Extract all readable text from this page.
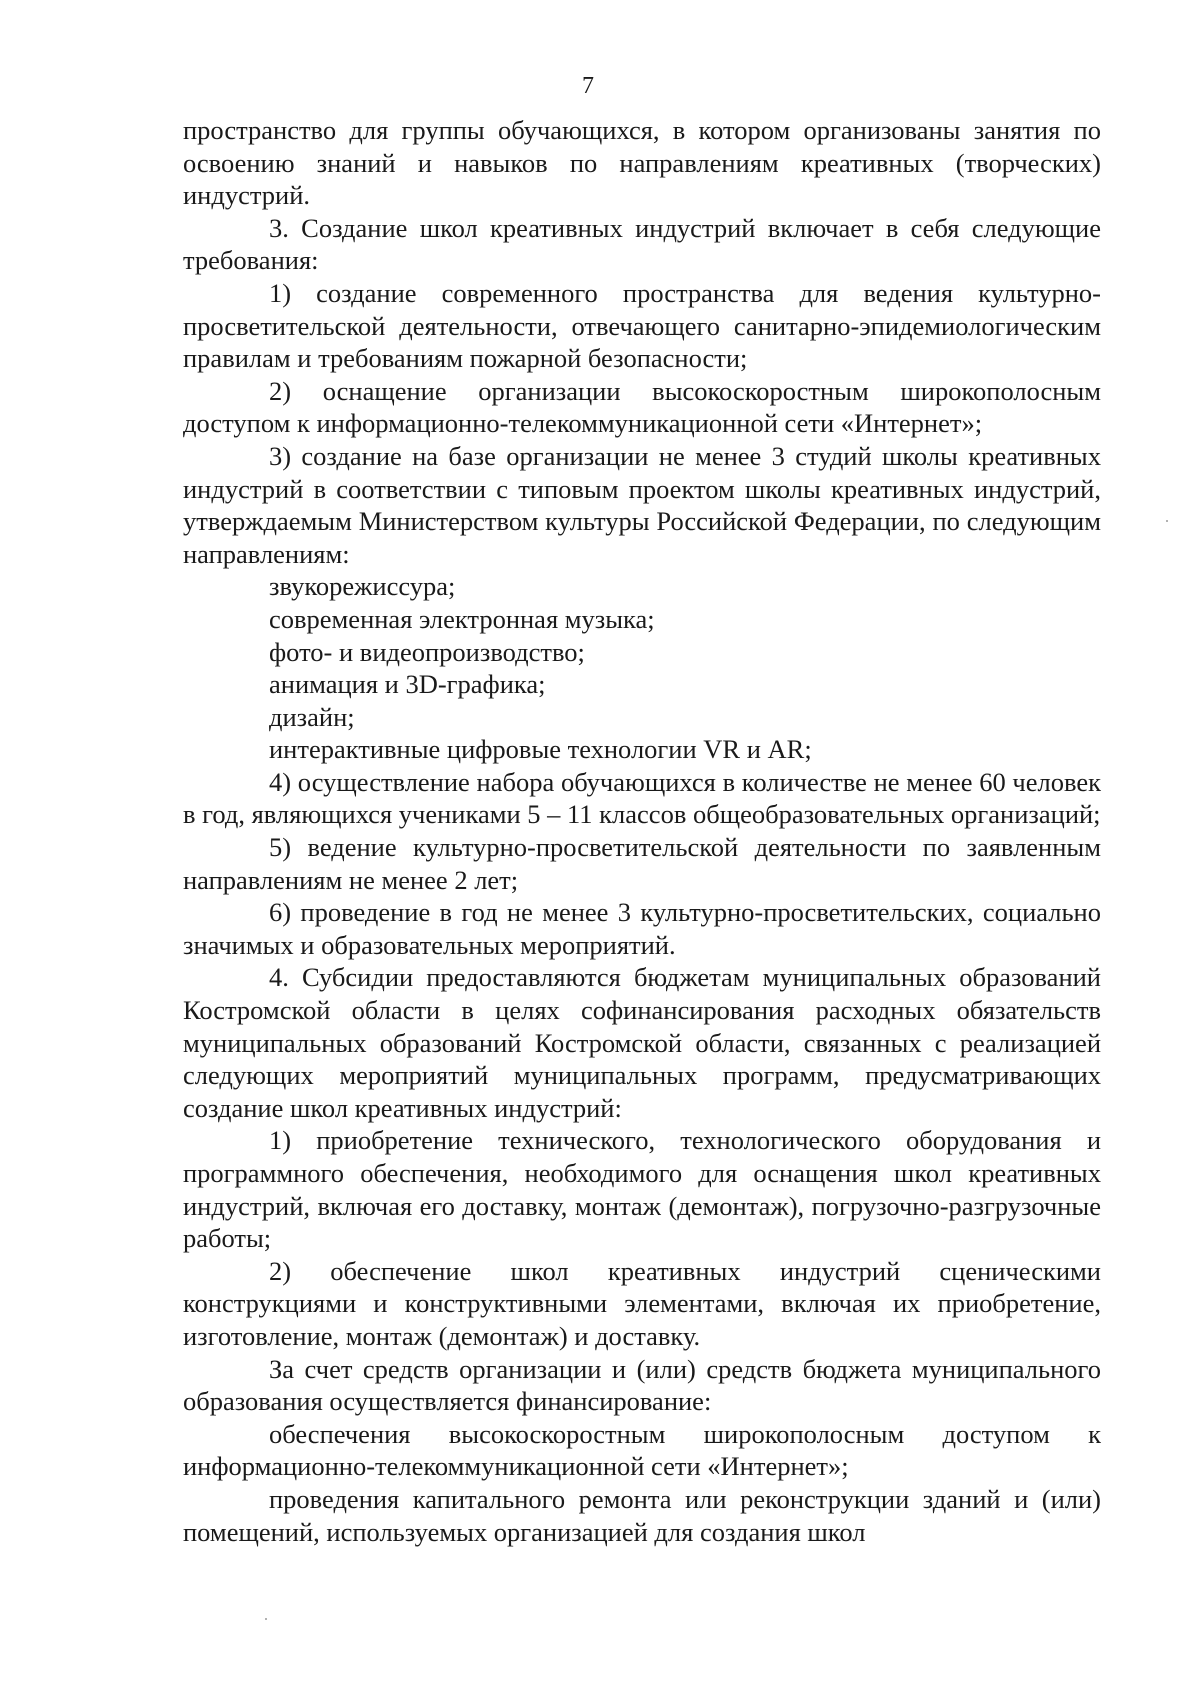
7

пространство для группы обучающихся, в котором организованы занятия по освоению знаний и навыков по направлениям креативных (творческих) индустрий.

3. Создание школ креативных индустрий включает в себя следующие требования:

1) создание современного пространства для ведения культурно-просветительской деятельности, отвечающего санитарно-эпидемиологическим правилам и требованиям пожарной безопасности;

2) оснащение организации высокоскоростным широкополосным доступом к информационно-телекоммуникационной сети «Интернет»;

3) создание на базе организации не менее 3 студий школы креативных индустрий в соответствии с типовым проектом школы креативных индустрий, утверждаемым Министерством культуры Российской Федерации, по следующим направлениям:

звукорежиссура;

современная электронная музыка;

фото- и видеопроизводство;

анимация и 3D-графика;

дизайн;

интерактивные цифровые технологии VR и AR;

4) осуществление набора обучающихся в количестве не менее 60 человек в год, являющихся учениками 5 – 11 классов общеобразовательных организаций;

5) ведение культурно-просветительской деятельности по заявленным направлениям не менее 2 лет;

6) проведение в год не менее 3 культурно-просветительских, социально значимых и образовательных мероприятий.

4. Субсидии предоставляются бюджетам муниципальных образований Костромской области в целях софинансирования расходных обязательств муниципальных образований Костромской области, связанных с реализацией следующих мероприятий муниципальных программ, предусматривающих создание школ креативных индустрий:

1) приобретение технического, технологического оборудования и программного обеспечения, необходимого для оснащения школ креативных индустрий, включая его доставку, монтаж (демонтаж), погрузочно-разгрузочные работы;

2) обеспечение школ креативных индустрий сценическими конструкциями и конструктивными элементами, включая их приобретение, изготовление, монтаж (демонтаж) и доставку.

За счет средств организации и (или) средств бюджета муниципального образования осуществляется финансирование:

обеспечения высокоскоростным широкополосным доступом к информационно-телекоммуникационной сети «Интернет»;

проведения капитального ремонта или реконструкции зданий и (или) помещений, используемых организацией для создания школ
